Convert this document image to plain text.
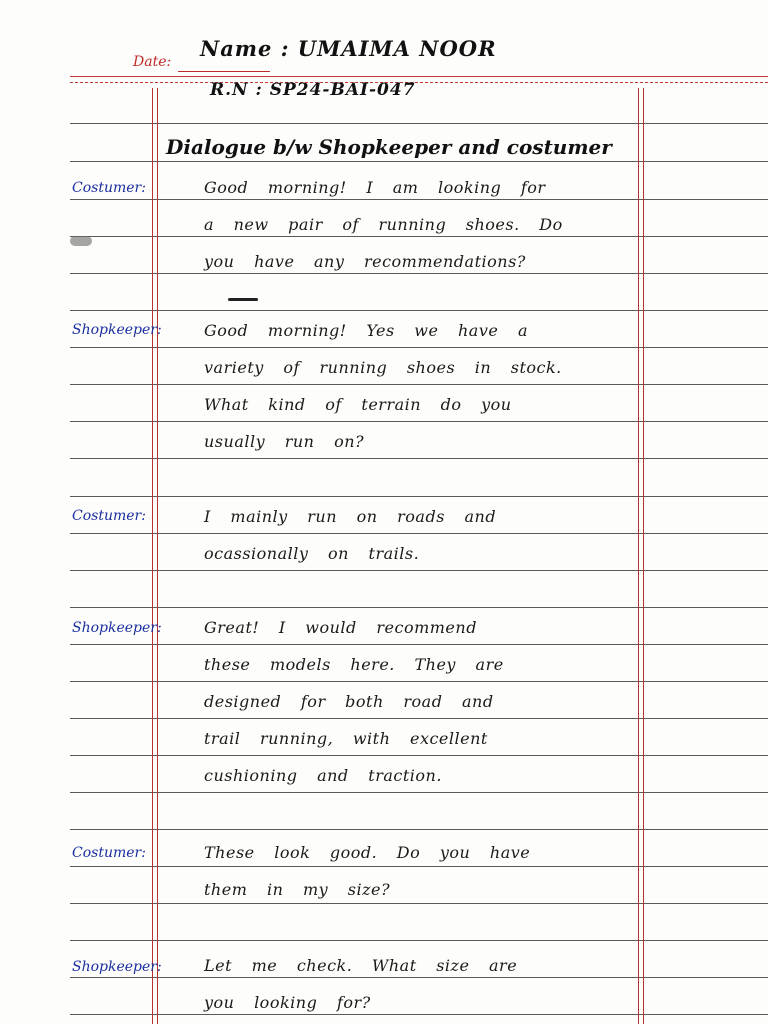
Date:
Name : UMAIMA NOOR
R.N : SP24-BAI-047
Dialogue b/w Shopkeeper and costumer
Costumer:	Good morning! I am looking for
a new pair of running shoes. Do
you have any recommendations?
Shopkeeper:	Good morning! Yes we have a
variety of running shoes in stock.
What kind of terrain do you
usually run on?
Costumer:	I mainly run on roads and
ocassionally on trails.
Shopkeeper:	Great! I would recommend
these models here. They are
designed for both road and
trail running, with excellent
cushioning and traction.
Costumer:	These look good. Do you have
them in my size?
Shopkeeper:	Let me check. What size are
you looking for?
